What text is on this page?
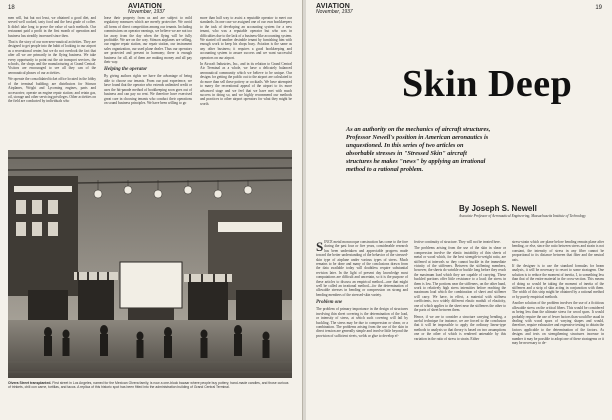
18	AVIATION
November, 1937

men will, but but not least, we obtained a good diet, and served well cooked, tasty food and the best grade of coffee. It didn't take long to prove the value of such methods. Our restaurant paid a profit in the first month of operation and business has steadily increased since then.

That is the story of our non-aero-nautical activities. They are designed to get people into the habit of looking to our airport as a recreational center, but we do not overlook the fact that after all we are primarily in the flying business. We take every opportunity to point out the air transport services, the schools, the shops and the manufacturing at Grand Central. Visitors are encouraged to see all they can of the aeronautical phases of our activities.

We operate the consolidated ticket office located in the lobby of the terminal building; are distributors for Stinson Airplanes, Wright and Lycoming engines, parts and accessories; operate an engine repair station; and retain gas, oil, storage and other servicing privileges. Other activities on the field are conducted by individuals who

lease their property from us and are subject to mild regulatory measures which are merely protective. We avoid all forms of direct competition among our tenants. Including commissions on operator earnings, we believe we are not too far away from the day when the flying will be fully profitable. We are on the way. Stinson airplanes are selling, our engine repair station, our repair station, our instrument sales organization, our used plane dealer. Thus our operators are protected and present in harmony; there is enough business for all, all of them are making money and all pay their way.

Helping the operator

By giving authors rights we have the advantage of being able to choose our tenants. From our past experience, we have found that the operator who extends unlimited credit or uses the hit-parade method of bookkeeping soon goes out of business and can pay no rent. We therefore have exercised great care in choosing tenants who conduct their operations on sound business principles. We have been willing to go

more than half way to assist a reputable operator to meet our standards. In one case we assigned one of our own bookkeepers to the task of developing an accounting system for a new tenant, who was a reputable operator but who was in difficulties due to the lack of a business-like accounting system. We started off another desirable tenant by furnishing him with enough work to keep his shops busy. Aviation is the same as any other business; it requires a good bookkeeping and accounting system to assure success and we want successful operators on our airport.

In Aircraft Industries, Inc., and in its relation to Grand Central Air Terminal as a whole, we have a delicately balanced aeronautical community which we believe to be unique. Our designs for getting the public out to the airport are calculated to do more than sell these pottery or cocktails. We have attempted to marry the recreational appeal of the airport to its more advanced stage and we feel that we have met with much success in doing so, and we highly recommend our methods and practices to other airport operators for what they might be worth.

Olvera Street transplanted. First street in Los Angeles, named for the Mexican Olvera family, is now a one-block bazaar where people buy pottery, hand-made candles, and those curious of trinkets, chili con carne, tortillas, and tacos. A replica of this historic spot has been fitted into the administration building of Grand Central Terminal.
AVIATION
November, 1937
19
Skin Deep
As an authority on the mechanics of aircraft structures, Professor Newell's position in American aeronautics is unquestioned. In this series of two articles on absorbable stresses in "Stressed Skin" aircraft structures he makes "news" by applying an irrational method to a rational problem.
By Joseph S. Newell
Associate Professor of Aeronautical Engineering, Massachusetts Institute of Technology

SINCE metal monocoque construction has come to the fore during the past four or five years, considerable research has been undertaken and appreciable progress made toward the better understanding of the behavior of the stressed-skin type of airplane under various types of stress. Much remains to be done and many of the conclusions drawn from the data available today will doubtless require substantial revision later. In the light of present day knowledge most computations are difficult and uncertain, so it is the purpose of these articles to discuss an empirical method—one that might well be called an irrational method—for the determination of allowable stresses in bending or compression on strong and bending members of the stressed-skin variety.

Problem one

The problem of primary importance in the design of structures involving thin sheet covering is the determination of the load, or intensity of stress, at which such covering will fail by buckling. The stress may be due to compression or shear, or a combination. The problems arising from the use of the skin in direct tension are generally simple and involve little beyond the provision of sufficient rivets, welds or glue to develop ef-

fective continuity of structure. They will not be treated here.

The problems arising from the use of the skin in shear or compression involve the elastic instability of thin sheets of metal or wood which, for the best strength-to-weight ratio, are stiffened at intervals so they cannot buckle in the immediate vicinity of the stiffeners. Between the stiffening members, however, the sheets do wrinkle or buckle long before they reach the maximum load which they are capable of carrying. These buckled portions offer little resistance to a load; the stress in them is low. The portions near the stiffeners, on the other hand, work to relatively high stress intensities before reaching the maximum load which the combination of sheet and stiffener will carry. We have, in effect, a material with stiffness coefficients, two widely different elastic moduli of elasticity, one of which applies to the sheet near the stiffeners the other to the parts of sheet between them.

Hence, if we are to consider a structure carrying bending, a useful technique for instance, we are forced to the conclusion that it will be impossible to apply the ordinary linear-type methods to analysis so that theory is based on two assumptions one or the other of which is rendered untenable by this variation in the ratio of stress to strain. Either

stress-strain which are plane before bending remain plane after bending, or else, since the ratio between stress and strain is not constant, the intensity of stress in any fiber cannot be proportional to its distance between that fiber and the neutral axis.

If the designer is to use the standard formulas for beam analysis, it will be necessary to resort to some stratagem. One solution is to reduce the moment of inertia, I, to something less than that of the entire material in the cross-section. This means of doing so would be taking the moment of inertia of the stiffeners and a strip of skin acting in conjunction with them. The width of this strip might be obtained by a rational method or by purely empirical methods.

Another solution of the problem involves the use of a fictitious allowable stress on the critical fibers. This would be considered as being less than the ultimate stress for wood spars. It would probably require the use of fewer factors than would be usual in dealing with wood spars of varying shapes and would, therefore, require exhaustive and expensive testing to obtain the factors applicable to the determination of the factors. As designs and tests on strengthening structures increase in number it may be possible to adopt one of these stratagems or it may be necessary to de-
